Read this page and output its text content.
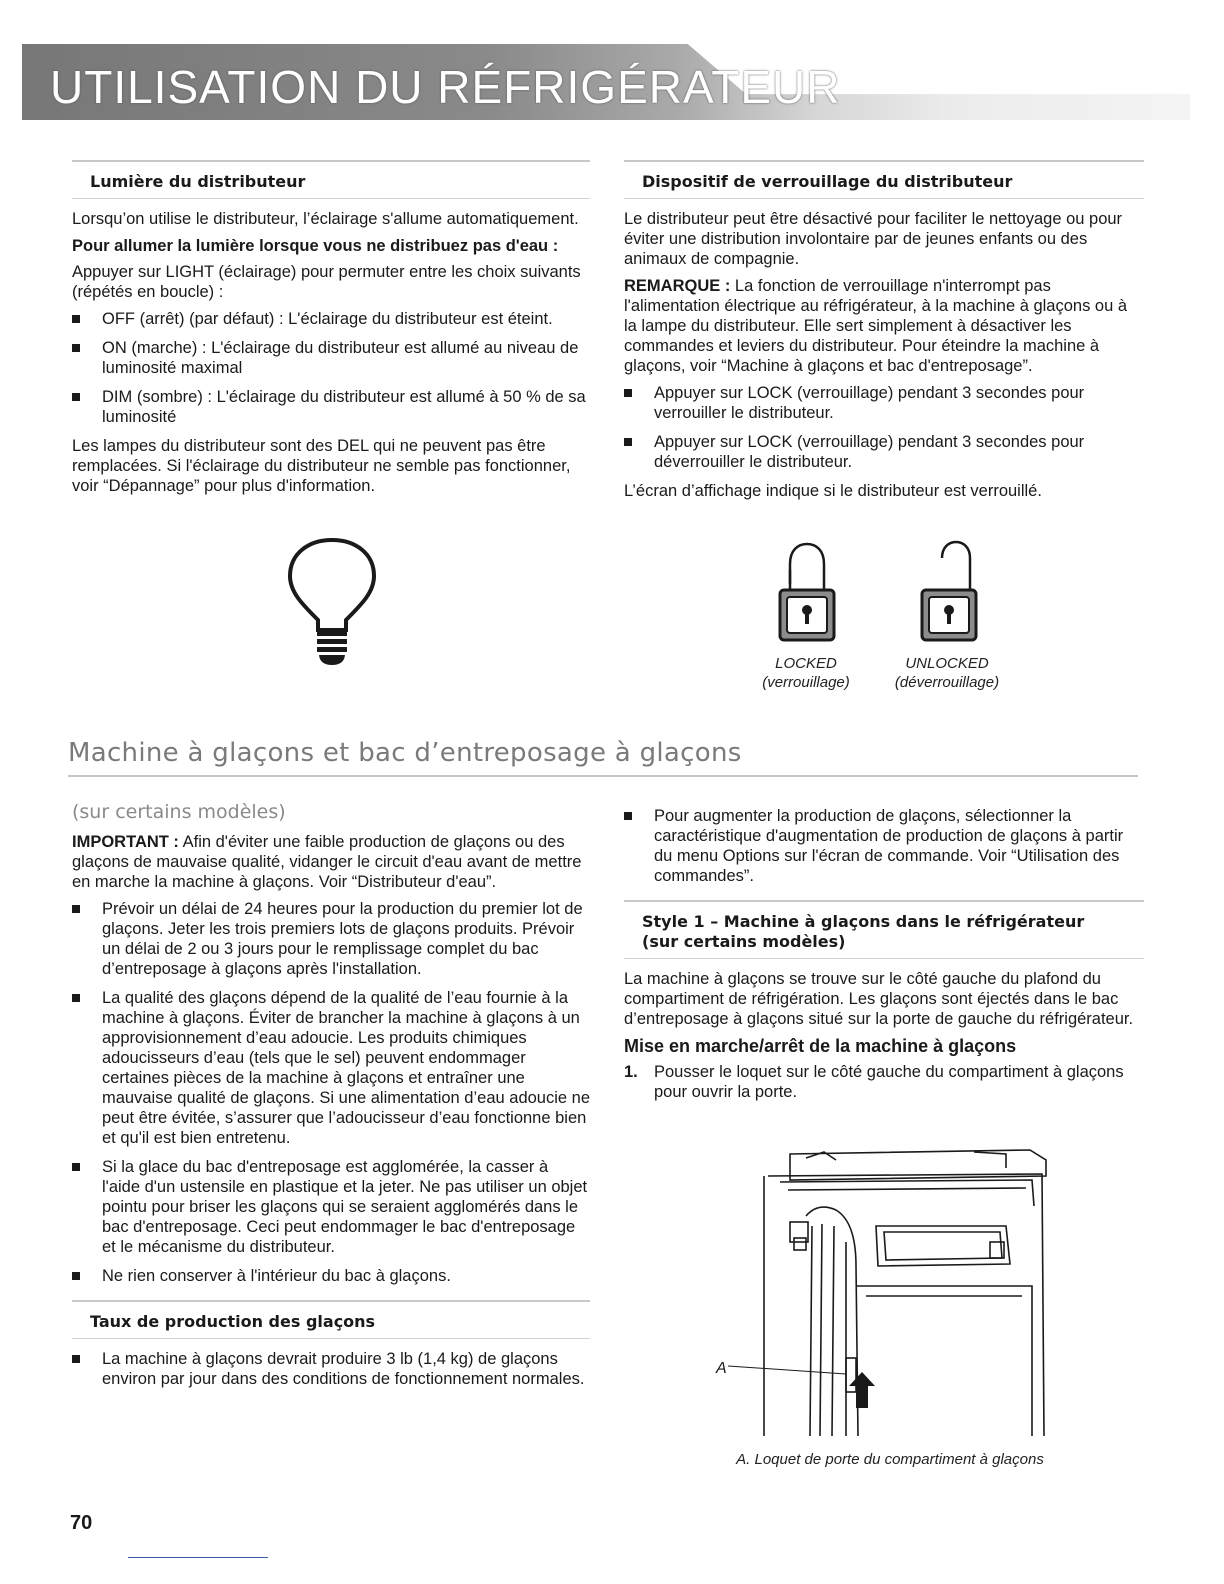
UTILISATION DU RÉFRIGÉRATEUR
Lumière du distributeur

Lorsqu’on utilise le distributeur, l’éclairage s'allume automatiquement.

Pour allumer la lumière lorsque vous ne distribuez pas d'eau :

Appuyer sur LIGHT (éclairage) pour permuter entre les choix suivants (répétés en boucle) :

OFF (arrêt) (par défaut) : L'éclairage du distributeur est éteint.
ON (marche) : L'éclairage du distributeur est allumé au niveau de luminosité maximal
DIM (sombre) : L'éclairage du distributeur est allumé à 50 % de sa luminosité

Les lampes du distributeur sont des DEL qui ne peuvent pas être remplacées. Si l'éclairage du distributeur ne semble pas fonctionner, voir “Dépannage” pour plus d'information.

Dispositif de verrouillage du distributeur

Le distributeur peut être désactivé pour faciliter le nettoyage ou pour éviter une distribution involontaire par de jeunes enfants ou des animaux de compagnie.

REMARQUE : La fonction de verrouillage n'interrompt pas l'alimentation électrique au réfrigérateur, à la machine à glaçons ou à la lampe du distributeur. Elle sert simplement à désactiver les commandes et leviers du distributeur. Pour éteindre la machine à glaçons, voir “Machine à glaçons et bac d'entreposage”.

Appuyer sur LOCK (verrouillage) pendant 3 secondes pour verrouiller le distributeur.
Appuyer sur LOCK (verrouillage) pendant 3 secondes pour déverrouiller le distributeur.

L’écran d’affichage indique si le distributeur est verrouillé.

LOCKED
(verrouillage)
UNLOCKED
(déverrouillage)
Machine à glaçons et bac d’entreposage à glaçons
(sur certains modèles)

IMPORTANT : Afin d'éviter une faible production de glaçons ou des glaçons de mauvaise qualité, vidanger le circuit d'eau avant de mettre en marche la machine à glaçons. Voir “Distributeur d'eau”.

Prévoir un délai de 24 heures pour la production du premier lot de glaçons. Jeter les trois premiers lots de glaçons produits. Prévoir un délai de 2 ou 3 jours pour le remplissage complet du bac d’entreposage à glaçons après l'installation.
La qualité des glaçons dépend de la qualité de l’eau fournie à la machine à glaçons. Éviter de brancher la machine à glaçons à un approvisionnement d’eau adoucie. Les produits chimiques adoucisseurs d’eau (tels que le sel) peuvent endommager certaines pièces de la machine à glaçons et entraîner une mauvaise qualité de glaçons. Si une alimentation d’eau adoucie ne peut être évitée, s’assurer que l’adoucisseur d’eau fonctionne bien et qu'il est bien entretenu.
Si la glace du bac d'entreposage est agglomérée, la casser à l'aide d'un ustensile en plastique et la jeter. Ne pas utiliser un objet pointu pour briser les glaçons qui se seraient agglomérés dans le bac d'entreposage. Ceci peut endommager le bac d'entreposage et le mécanisme du distributeur.
Ne rien conserver à l'intérieur du bac à glaçons.
Taux de production des glaçons
La machine à glaçons devrait produire 3 lb (1,4 kg) de glaçons environ par jour dans des conditions de fonctionnement normales.
Pour augmenter la production de glaçons, sélectionner la caractéristique d'augmentation de production de glaçons à partir du menu Options sur l'écran de commande. Voir “Utilisation des commandes”.
Style 1 – Machine à glaçons dans le réfrigérateur
(sur certains modèles)

La machine à glaçons se trouve sur le côté gauche du plafond du compartiment de réfrigération. Les glaçons sont éjectés dans le bac d’entreposage à glaçons situé sur la porte de gauche du réfrigérateur.

Mise en marche/arrêt de la machine à glaçons
1. Pousser le loquet sur le côté gauche du compartiment à glaçons pour ouvrir la porte.
A
A. Loquet de porte du compartiment à glaçons
70
